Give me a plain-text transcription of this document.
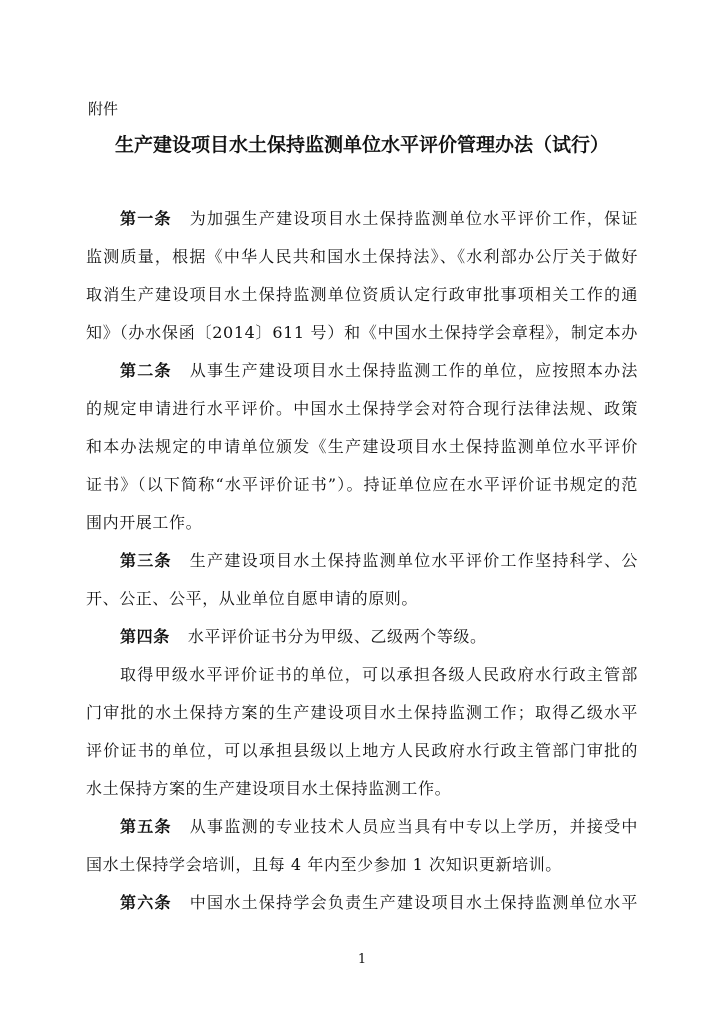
附件
生产建设项目水土保持监测单位水平评价管理办法（试行）
第一条 为加强生产建设项目水土保持监测单位水平评价工作，保证
监测质量，根据《中华人民共和国水土保持法》、《水利部办公厅关于做好
取消生产建设项目水土保持监测单位资质认定行政审批事项相关工作的通
知》（办水保函〔2014〕611 号）和《中国水土保持学会章程》，制定本办
第二条 从事生产建设项目水土保持监测工作的单位，应按照本办法
的规定申请进行水平评价。中国水土保持学会对符合现行法律法规、政策
和本办法规定的申请单位颁发《生产建设项目水土保持监测单位水平评价
证书》（以下简称“水平评价证书”）。持证单位应在水平评价证书规定的范
围内开展工作。
第三条 生产建设项目水土保持监测单位水平评价工作坚持科学、公
开、公正、公平，从业单位自愿申请的原则。
第四条 水平评价证书分为甲级、乙级两个等级。
取得甲级水平评价证书的单位，可以承担各级人民政府水行政主管部
门审批的水土保持方案的生产建设项目水土保持监测工作；取得乙级水平
评价证书的单位，可以承担县级以上地方人民政府水行政主管部门审批的
水土保持方案的生产建设项目水土保持监测工作。
第五条 从事监测的专业技术人员应当具有中专以上学历，并接受中
国水土保持学会培训，且每 4 年内至少参加 1 次知识更新培训。
第六条 中国水土保持学会负责生产建设项目水土保持监测单位水平
1
